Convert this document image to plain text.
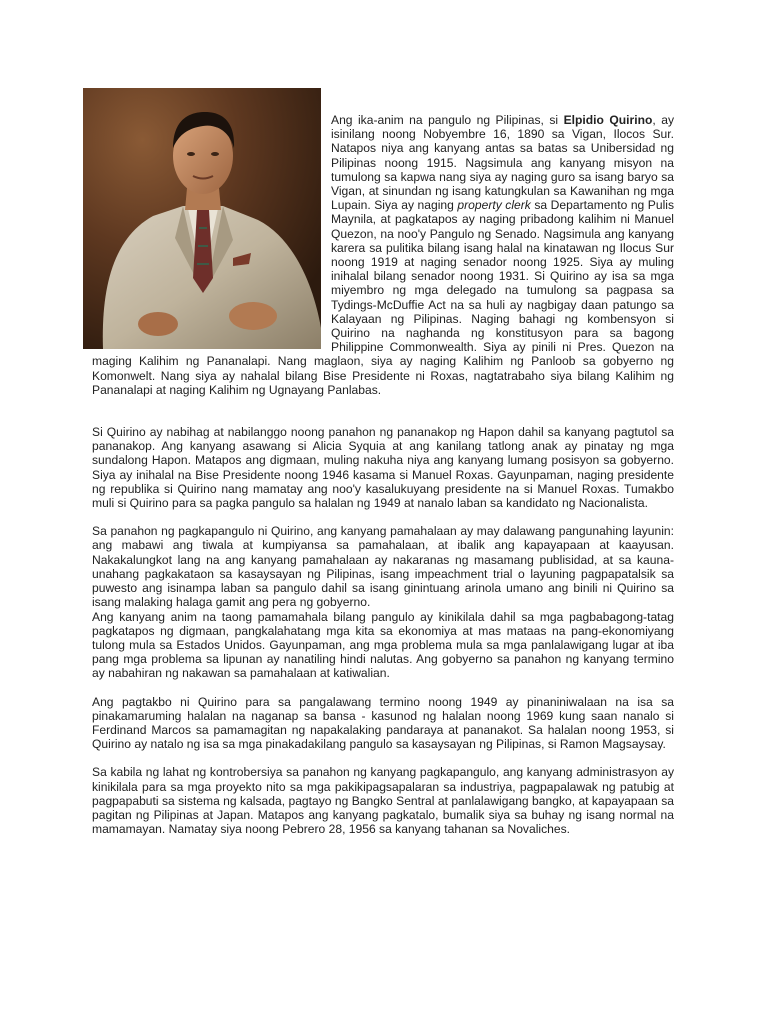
Ang ika-anim na pangulo ng Pilipinas, si Elpidio Quirino, ay isinilang noong Nobyembre 16, 1890 sa Vigan, Ilocos Sur. Natapos niya ang kanyang antas sa batas sa Unibersidad ng Pilipinas noong 1915. Nagsimula ang kanyang misyon na tumulong sa kapwa nang siya ay naging guro sa isang baryo sa Vigan, at sinundan ng isang katungkulan sa Kawanihan ng mga Lupain. Siya ay naging property clerk sa Departamento ng Pulis Maynila, at pagkatapos ay naging pribadong kalihim ni Manuel Quezon, na noo'y Pangulo ng Senado. Nagsimula ang kanyang karera sa pulitika bilang isang halal na kinatawan ng Ilocus Sur noong 1919 at naging senador noong 1925. Siya ay muling inihalal bilang senador noong 1931. Si Quirino ay isa sa mga miyembro ng mga delegado na tumulong sa pagpasa sa Tydings-McDuffie Act na sa huli ay nagbigay daan patungo sa Kalayaan ng Pilipinas. Naging bahagi ng kombensyon si Quirino na naghanda ng konstitusyon para sa bagong Philippine Commonwealth. Siya ay pinili ni Pres. Quezon na maging Kalihim ng Pananalapi. Nang maglaon, siya ay naging Kalihim ng Panloob sa gobyerno ng Komonwelt. Nang siya ay nahalal bilang Bise Presidente ni Roxas, nagtatrabaho siya bilang Kalihim ng Pananalapi at naging Kalihim ng Ugnayang Panlabas.

Si Quirino ay nabihag at nabilanggo noong panahon ng pananakop ng Hapon dahil sa kanyang pagtutol sa pananakop. Ang kanyang asawang si Alicia Syquia at ang kanilang tatlong anak ay pinatay ng mga sundalong Hapon. Matapos ang digmaan, muling nakuha niya ang kanyang lumang posisyon sa gobyerno. Siya ay inihalal na Bise Presidente noong 1946 kasama si Manuel Roxas. Gayunpaman, naging presidente ng republika si Quirino nang mamatay ang noo'y kasalukuyang presidente na si Manuel Roxas. Tumakbo muli si Quirino para sa pagka pangulo sa halalan ng 1949 at nanalo laban sa kandidato ng Nacionalista.

Sa panahon ng pagkapangulo ni Quirino, ang kanyang pamahalaan ay may dalawang pangunahing layunin: ang mabawi ang tiwala at kumpiyansa sa pamahalaan, at ibalik ang kapayapaan at kaayusan. Nakakalungkot lang na ang kanyang pamahalaan ay nakaranas ng masamang publisidad, at sa kauna-unahang pagkakataon sa kasaysayan ng Pilipinas, isang impeachment trial o layuning pagpapatalsik sa puwesto ang isinampa laban sa pangulo dahil sa isang ginintuang arinola umano ang binili ni Quirino sa isang malaking halaga gamit ang pera ng gobyerno.

Ang kanyang anim na taong pamamahala bilang pangulo ay kinikilala dahil sa mga pagbabagong-tatag pagkatapos ng digmaan, pangkalahatang mga kita sa ekonomiya at mas mataas na pang-ekonomiyang tulong mula sa Estados Unidos. Gayunpaman, ang mga problema mula sa mga panlalawigang lugar at iba pang mga problema sa lipunan ay nanatiling hindi nalutas. Ang gobyerno sa panahon ng kanyang termino ay nabahiran ng nakawan sa pamahalaan at katiwalian.

Ang pagtakbo ni Quirino para sa pangalawang termino noong 1949 ay pinaniniwalaan na isa sa pinakamaruming halalan na naganap sa bansa - kasunod ng halalan noong 1969 kung saan nanalo si Ferdinand Marcos sa pamamagitan ng napakalaking pandaraya at pananakot. Sa halalan noong 1953, si Quirino ay natalo ng isa sa mga pinakadakilang pangulo sa kasaysayan ng Pilipinas, si Ramon Magsaysay.

Sa kabila ng lahat ng kontrobersiya sa panahon ng kanyang pagkapangulo, ang kanyang administrasyon ay kinikilala para sa mga proyekto nito sa mga pakikipagsapalaran sa industriya, pagpapalawak ng patubig at pagpapabuti sa sistema ng kalsada, pagtayo ng Bangko Sentral at panlalawigang bangko, at kapayapaan sa pagitan ng Pilipinas at Japan. Matapos ang kanyang pagkatalo, bumalik siya sa buhay ng isang normal na mamamayan. Namatay siya noong Pebrero 28, 1956 sa kanyang tahanan sa Novaliches.
